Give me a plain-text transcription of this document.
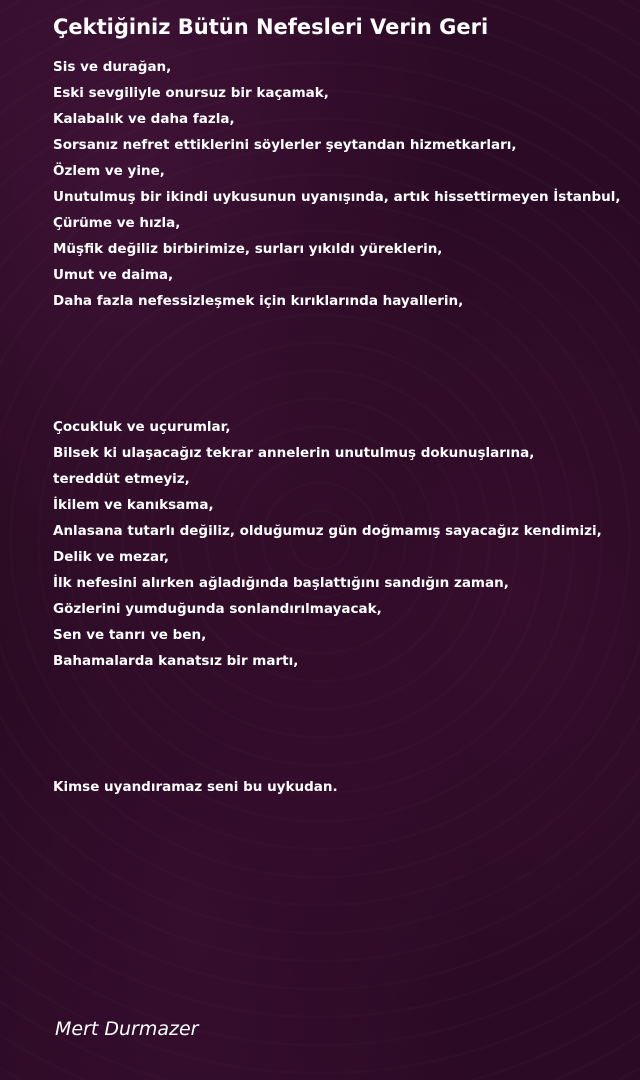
Çektiğiniz Bütün Nefesleri Verin Geri
Sis ve durağan,
Eski sevgiliyle onursuz bir kaçamak,
Kalabalık ve daha fazla,
Sorsanız nefret ettiklerini söylerler şeytandan hizmetkarları,
Özlem ve yine,
Unutulmuş bir ikindi uykusunun uyanışında, artık hissettirmeyen İstanbul,
Çürüme ve hızla,
Müşfik değiliz birbirimize, surları yıkıldı yüreklerin,
Umut ve daima,
Daha fazla nefessizleşmek için kırıklarında hayallerin,
Çocukluk ve uçurumlar,
Bilsek ki ulaşacağız tekrar annelerin unutulmuş dokunuşlarına,
tereddüt etmeyiz,
İkilem ve kanıksama,
Anlasana tutarlı değiliz, olduğumuz gün doğmamış sayacağız kendimizi,
Delik ve mezar,
İlk nefesini alırken ağladığında başlattığını sandığın zaman,
Gözlerini yumduğunda sonlandırılmayacak,
Sen ve tanrı ve ben,
Bahamalarda kanatsız bir martı,
Kimse uyandıramaz seni bu uykudan.
Mert Durmazer
